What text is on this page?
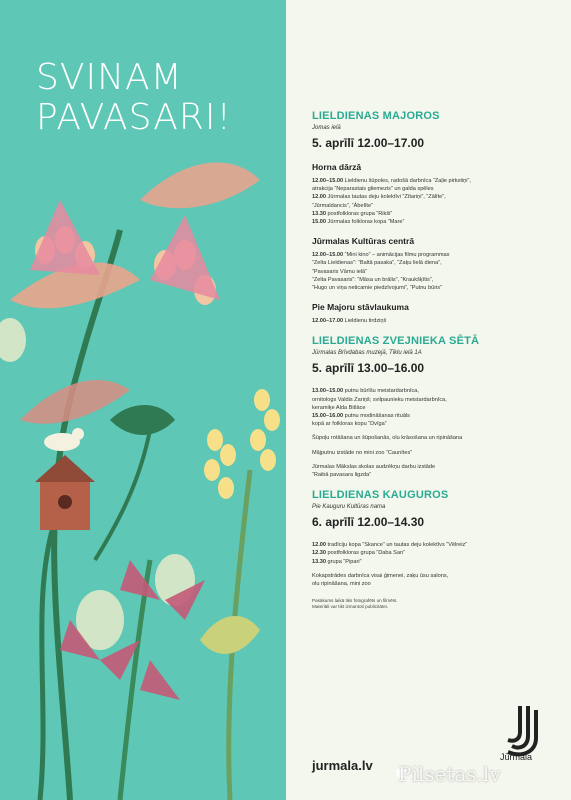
SVINAM
PAVASARI!	LIELDIENAS MAJOROS

Jomas ielā

5. aprīlī 12.00–17.00

Horna dārzā

12.00–15.00 Lieldienu šūpoles, radošā darbnīca “Zaļie pirkstiņi”,

atrakcija “Neparastais gliemezis” un galda spēles

12.00 Jūrmalas tautas deju kolektīvi “Zītariņi”, “Zālīte”,

“Jūrmaldancis”, “Ābelīte”

13.30 postfolkloras grupa “Rikši”

15.00 Jūrmalas folkloras kopa “Mare”

Jūrmalas Kultūras centrā

12.00–15.00 “Mini kino” – animācijas filmu programmas

“Zelta Lieldienas”: “Baltā pasaka”, “Zaķu lielā diena”,

“Pavasaris Vārnu ielā”

“Zelta Pavasaris”: “Māsa un brālis”, “Kraukšķītis”,

“Hugo un viņa neticamie piedzīvojumi”, “Putnu būris”

Pie Majoru stāvlaukuma

12.00–17.00 Lieldienu tirdziņš

LIELDIENAS ZVEJNIEKA SĒTĀ

Jūrmalas Brīvdabas muzejā, Tīklu ielā 1A

5. aprīlī 13.00–16.00

13.00–15.00 putnu būrīšu meistardarbnīca,

ornitologs Valdis Zariņš; svilpaunieku meistardarbnīca,

keramiķe Alda Bitlāce

15.00–16.00 putnu modināšanas rituāls

kopā ar folkloras kopu “Dvīga”

Šūpoļu rotāšana un šūpošanās, olu krāsošana un ripināšana

Mājputnu izstāde no mini zoo “Caunītes”

Jūrmalas Mākslas skolas audzēkņu darbu izstāde

“Raibā pavasara ligzda”

LIELDIENAS KAUGUROS

Pie Kauguru Kultūras nama

6. aprīlī 12.00–14.30

12.00 tradīciju kopa “Skance” un tautas deju kolektīvs “Vēlreiz”

12.30 postfolkloras grupa “Daba San”

13.30 grupa “Pipari”

Kokapstrādes darbnīca visai ģimenei, zaķu ūsu salons,

olu ripināšana, mini zoo

Pasākums laikā tiks fotografēts un filmēts.

Materiāli var tikt izmantoti publicitātei.

jurmala.lv

Jūrmala

Pilsetas.lv
